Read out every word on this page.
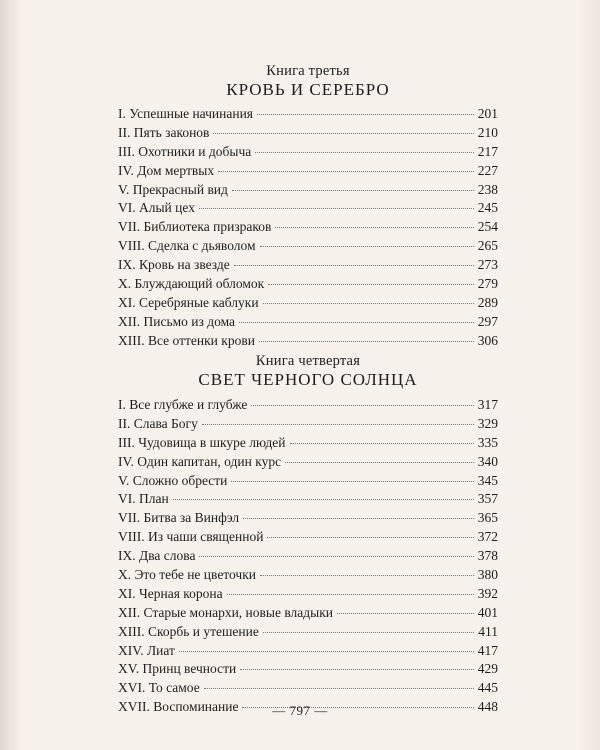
Книга третья
КРОВЬ И СЕРЕБРО
I. Успешные начинания	201
II. Пять законов	210
III. Охотники и добыча	217
IV. Дом мертвых	227
V. Прекрасный вид	238
VI. Алый цех	245
VII. Библиотека призраков	254
VIII. Сделка с дьяволом	265
IX. Кровь на звезде	273
X. Блуждающий обломок	279
XI. Серебряные каблуки	289
XII. Письмо из дома	297
XIII. Все оттенки крови	306
Книга четвертая
СВЕТ ЧЕРНОГО СОЛНЦА
I. Все глубже и глубже	317
II. Слава Богу	329
III. Чудовища в шкуре людей	335
IV. Один капитан, один курс	340
V. Сложно обрести	345
VI. План	357
VII. Битва за Винфэл	365
VIII. Из чаши священной	372
IX. Два слова	378
X. Это тебе не цветочки	380
XI. Черная корона	392
XII. Старые монархи, новые владыки	401
XIII. Скорбь и утешение	411
XIV. Лиат	417
XV. Принц вечности	429
XVI. То самое	445
XVII. Воспоминание	448
— 797 —
